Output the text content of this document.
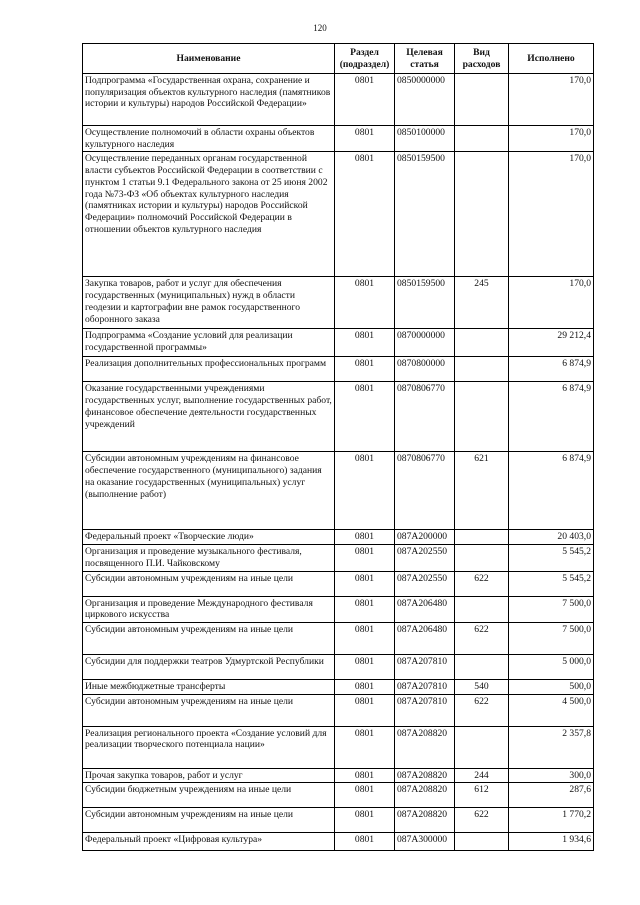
120
Наименование	Раздел (подраздел)	Целевая статья	Вид расходов	Исполнено
Подпрограмма «Государственная охрана, сохранение и популяризация объектов культурного наследия (памятников истории и культуры) народов Российской Федерации»	0801	0850000000		170,0
Осуществление полномочий в области охраны объектов культурного наследия	0801	0850100000		170,0
Осуществление переданных органам государственной власти субъектов Российской Федерации в соответствии с пунктом 1 статьи 9.1 Федерального закона от 25 июня 2002 года №73-ФЗ «Об объектах культурного наследия (памятниках истории и культуры) народов Российской Федерации» полномочий Российской Федерации в отношении объектов культурного наследия	0801	0850159500		170,0
Закупка товаров, работ и услуг для обеспечения государственных (муниципальных) нужд в области геодезии и картографии вне рамок государственного оборонного заказа	0801	0850159500	245	170,0
Подпрограмма «Создание условий для реализации государственной программы»	0801	0870000000		29 212,4
Реализация дополнительных профессиональных программ	0801	0870800000		6 874,9
Оказание государственными учреждениями государственных услуг, выполнение государственных работ, финансовое обеспечение деятельности государственных учреждений	0801	0870806770		6 874,9
Субсидии автономным учреждениям на финансовое обеспечение государственного (муниципального) задания на оказание государственных (муниципальных) услуг (выполнение работ)	0801	0870806770	621	6 874,9
Федеральный проект «Творческие люди»	0801	087A200000		20 403,0
Организация и проведение музыкального фестиваля, посвященного П.И. Чайковскому	0801	087A202550		5 545,2
Субсидии автономным учреждениям на иные цели	0801	087A202550	622	5 545,2
Организация и проведение Международного фестиваля циркового искусства	0801	087A206480		7 500,0
Субсидии автономным учреждениям на иные цели	0801	087A206480	622	7 500,0
Субсидии для поддержки театров Удмуртской Республики	0801	087A207810		5 000,0
Иные межбюджетные трансферты	0801	087A207810	540	500,0
Субсидии автономным учреждениям на иные цели	0801	087A207810	622	4 500,0
Реализация регионального проекта «Создание условий для реализации творческого потенциала нации»	0801	087A208820		2 357,8
Прочая закупка товаров, работ и услуг	0801	087A208820	244	300,0
Субсидии бюджетным учреждениям на иные цели	0801	087A208820	612	287,6
Субсидии автономным учреждениям на иные цели	0801	087A208820	622	1 770,2
Федеральный проект «Цифровая культура»	0801	087A300000		1 934,6
